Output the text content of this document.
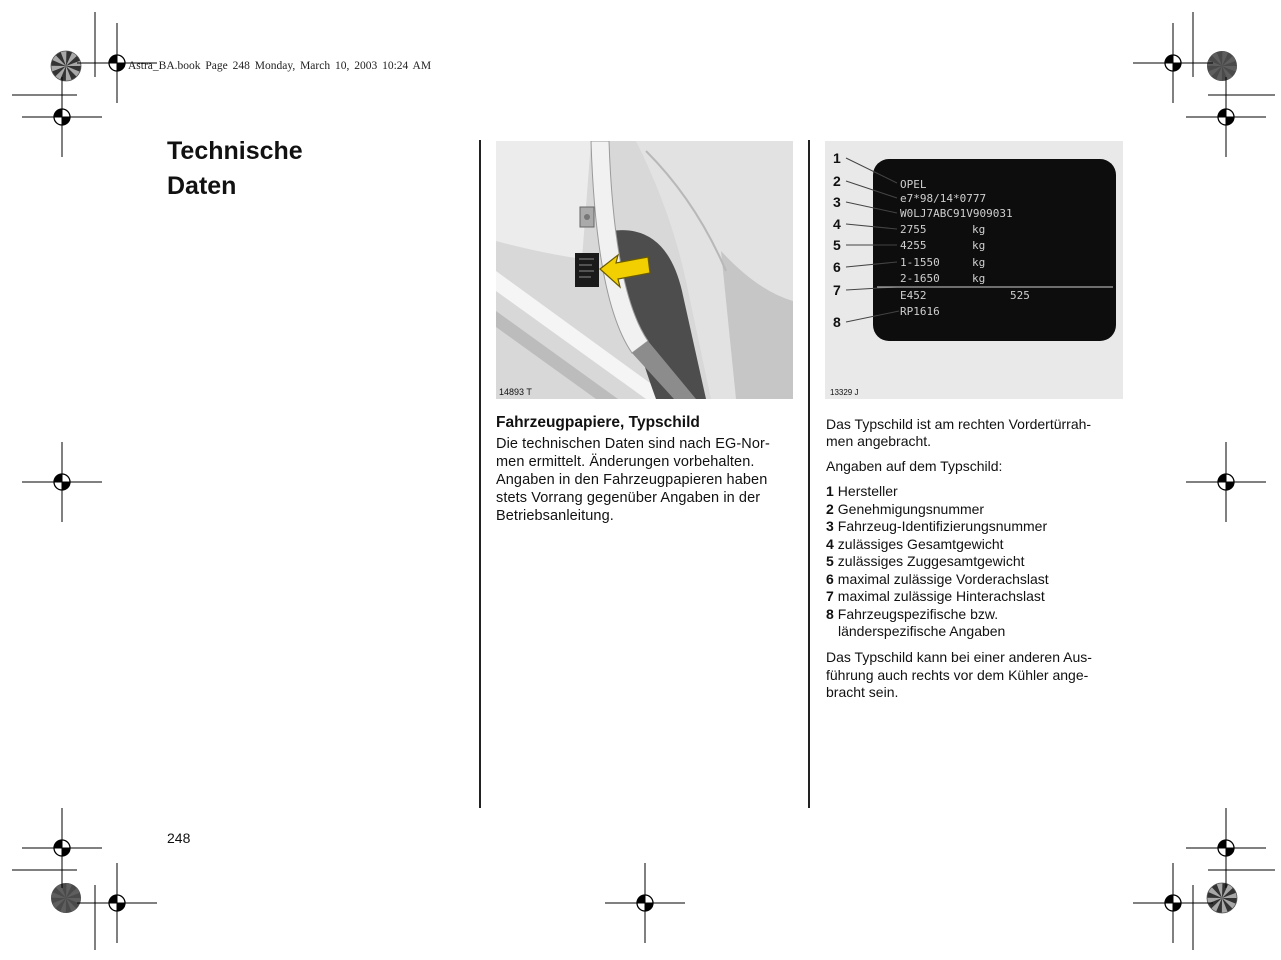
Astra_BA.book Page 248 Monday, March 10, 2003 10:24 AM
Technische
Daten
14893 T
1
2
3
4
5
6
7
8
OPEL
e7*98/14*0777
W0LJ7ABC91V909031
2755	kg
4255	kg
1-1550	kg
2-1650	kg
E452	525
RP1616
13329 J
Fahrzeugpapiere, Typschild
Die technischen Daten sind nach EG-Nor-
men ermittelt. Änderungen vorbehalten.
Angaben in den Fahrzeugpapieren haben
stets Vorrang gegenüber Angaben in der
Betriebsanleitung.
Das Typschild ist am rechten Vordertürrah-
men angebracht.
Angaben auf dem Typschild:
1 Hersteller
2 Genehmigungsnummer
3 Fahrzeug-Identifizierungsnummer
4 zulässiges Gesamtgewicht
5 zulässiges Zuggesamtgewicht
6 maximal zulässige Vorderachslast
7 maximal zulässige Hinterachslast
8 Fahrzeugspezifische bzw.
länderspezifische Angaben
Das Typschild kann bei einer anderen Aus-
führung auch rechts vor dem Kühler ange-
bracht sein.
248
